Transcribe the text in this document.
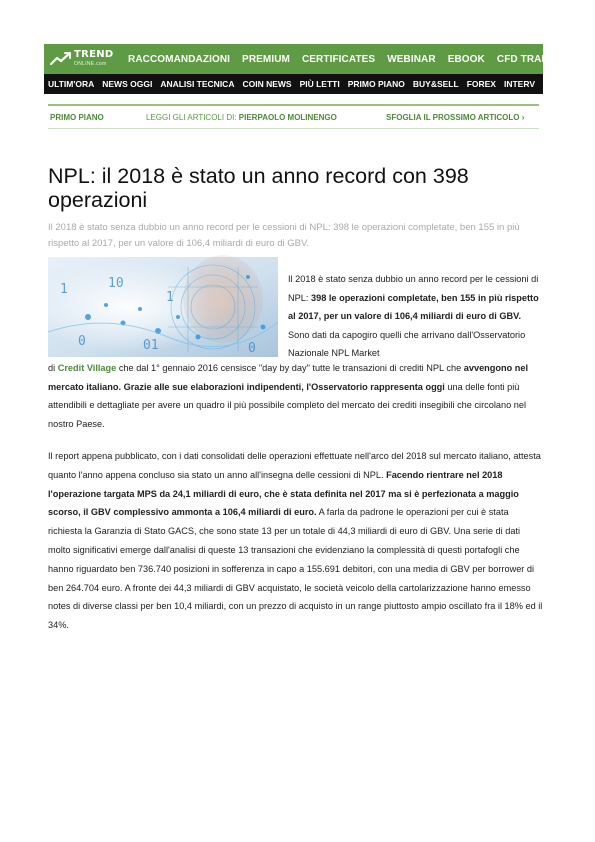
TREND
ONLINE.com RACCOMANDAZIONI PREMIUM CERTIFICATES WEBINAR EBOOK CFD TRADING
ULTIM'ORA NEWS OGGI ANALISI TECNICA COIN NEWS PIÙ LETTI PRIMO PIANO BUY&SELL FOREX INTERV
PRIMO PIANO	LEGGI GLI ARTICOLI DI: PIERPAOLO MOLINENGO	SFOGLIA IL PROSSIMO ARTICOLO ›
NPL: il 2018 è stato un anno record con 398 operazioni

Il 2018 è stato senza dubbio un anno record per le cessioni di NPL: 398 le operazioni completate, ben 155 in più rispetto al 2017, per un valore di 106,4 miliardi di euro di GBV.

1
0
10
01
1
0

Il 2018 è stato senza dubbio un anno record per le cessioni di NPL: 398 le operazioni completate, ben 155 in più rispetto al 2017, per un valore di 106,4 miliardi di euro di GBV. Sono dati da capogiro quelli che arrivano dall'Osservatorio Nazionale NPL Market

di Credit Village che dal 1° gennaio 2016 censisce "day by day" tutte le transazioni di crediti NPL che avvengono nel mercato italiano. Grazie alle sue elaborazioni indipendenti, l'Osservatorio rappresenta oggi una delle fonti più attendibili e dettagliate per avere un quadro il più possibile completo del mercato dei crediti insegibili che circolano nel nostro Paese.

Il report appena pubblicato, con i dati consolidati delle operazioni effettuate nell'arco del 2018 sul mercato italiano, attesta quanto l'anno appena concluso sia stato un anno all'insegna delle cessioni di NPL. Facendo rientrare nel 2018 l'operazione targata MPS da 24,1 miliardi di euro, che è stata definita nel 2017 ma si è perfezionata a maggio scorso, il GBV complessivo ammonta a 106,4 miliardi di euro. A farla da padrone le operazioni per cui è stata richiesta la Garanzia di Stato GACS, che sono state 13 per un totale di 44,3 miliardi di euro di GBV. Una serie di dati molto significativi emerge dall'analisi di queste 13 transazioni che evidenziano la complessità di questi portafogli che hanno riguardato ben 736.740 posizioni in sofferenza in capo a 155.691 debitori, con una media di GBV per borrower di ben 264.704 euro. A fronte dei 44,3 miliardi di GBV acquistato, le società veicolo della cartolarizzazione hanno emesso notes di diverse classi per ben 10,4 miliardi, con un prezzo di acquisto in un range piuttosto ampio oscillato fra il 18% ed il 34%.
